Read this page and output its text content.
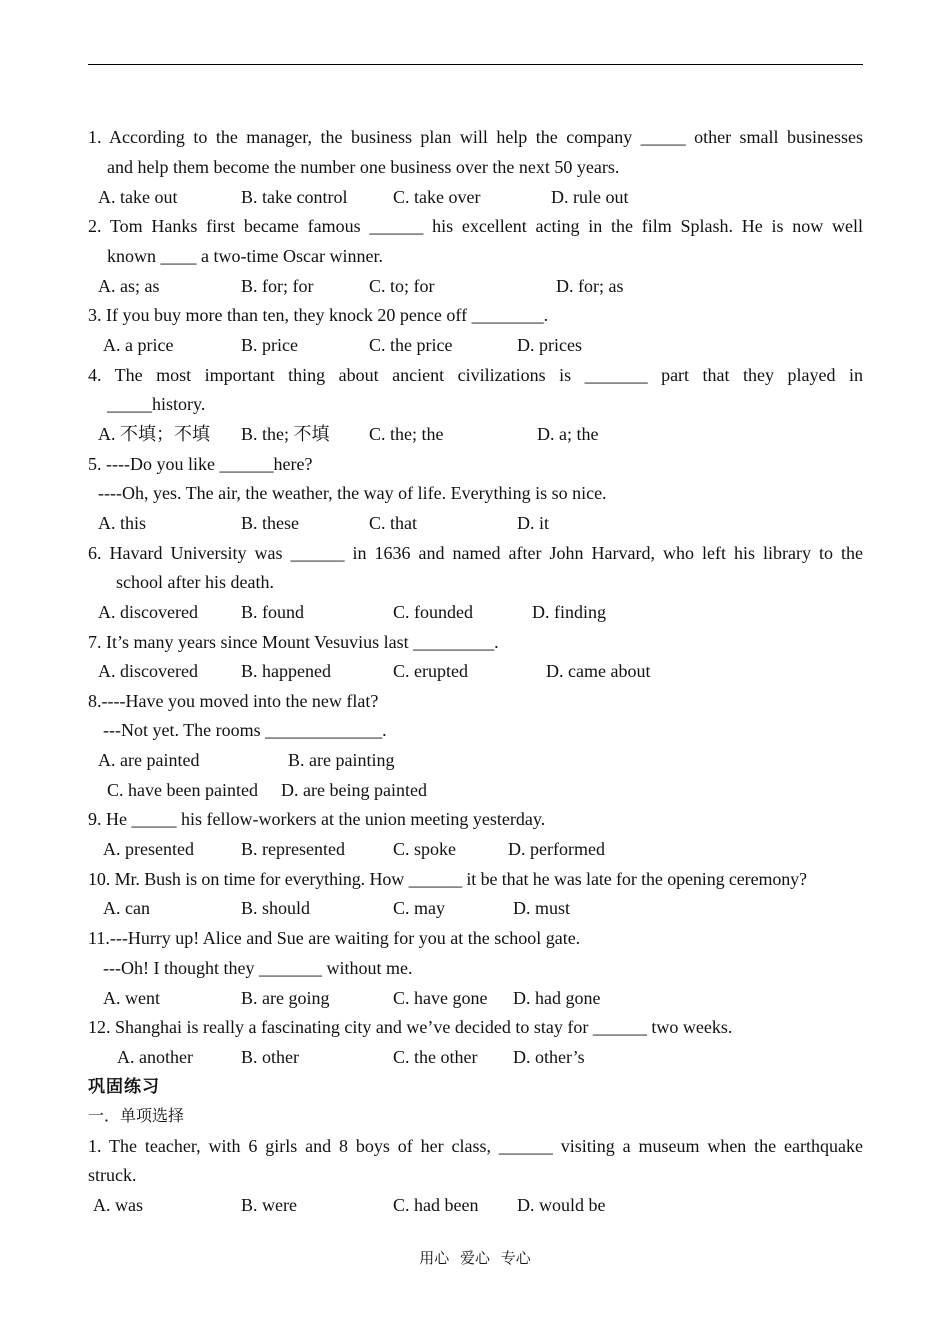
1. According to the manager, the business plan will help the company _____ other small businesses
and help them become the number one business over the next 50 years.
A. take out	B. take control	C. take over	D. rule out
2. Tom Hanks first became famous ______ his excellent acting in the film Splash. He is now well
known ____ a two-time Oscar winner.
A. as; as	B. for; for	C. to; for	D. for; as
3. If you buy more than ten, they knock 20 pence off ________.
A. a price	B. price	C. the price	D. prices
4. The most important thing about ancient civilizations is _______ part that they played in
_____history.
A. 不填；不填 B. the; 不填 C. the; the	D. a; the
5. ----Do you like ______here?
----Oh, yes. The air, the weather, the way of life. Everything is so nice.
A. this	B. these	C. that	D. it
6. Havard University was ______ in 1636 and named after John Harvard, who left his library to the
school after his death.
A. discovered B. found	C. founded	D. finding
7. It’s many years since Mount Vesuvius last _________.
A. discovered B. happened	C. erupted	D. came about
8.----Have you moved into the new flat?
---Not yet. The rooms _____________.
A. are painted	B. are painting
C. have been painted D. are being painted
9. He _____ his fellow-workers at the union meeting yesterday.
A. presented	B. represented	C. spoke	D. performed
10. Mr. Bush is on time for everything. How ______ it be that he was late for the opening ceremony?
A. can	B. should	C. may	D. must
11.---Hurry up! Alice and Sue are waiting for you at the school gate.
---Oh! I thought they _______ without me.
A. went	B. are going	C. have gone D. had gone
12. Shanghai is really a fascinating city and we’ve decided to stay for ______ two weeks.
A. another	B. other	C. the other D. other’s
巩固练习
一．单项选择
1. The teacher, with 6 girls and 8 boys of her class, ______ visiting a museum when the earthquake
struck.
A. was	B. were	C. had been D. would be
用心 爱心 专心
